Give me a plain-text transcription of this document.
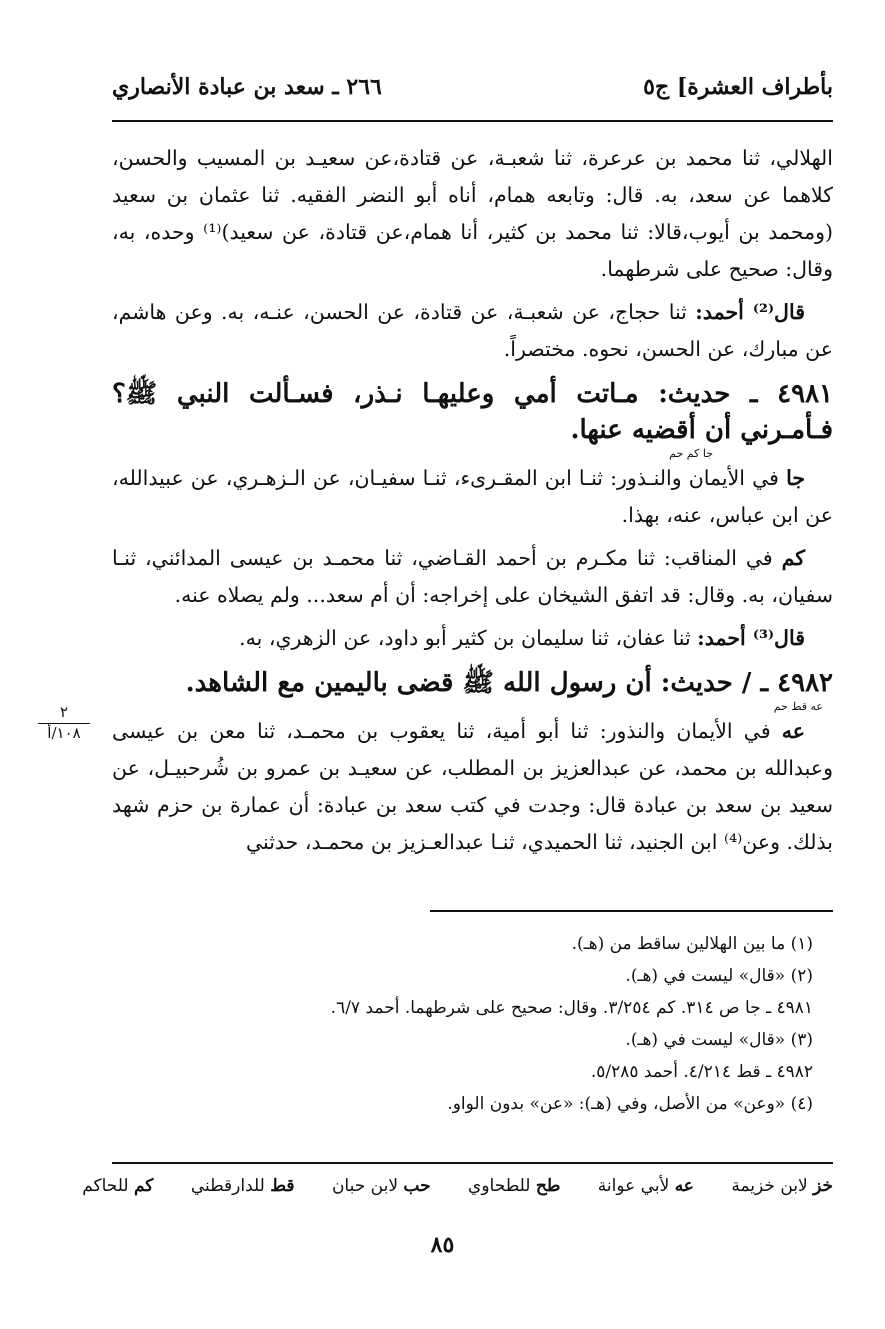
بأطراف العشرة] ج٥
٢٦٦ ـ سعد بن عبادة الأنصاري

الهلالي، ثنا محمد بن عرعرة، ثنا شعبـة، عن قتادة،عن سعيـد بن المسيب والحسن، كلاهما عن سعد، به. قال: وتابعه همام، أناه أبو النضر الفقيه. ثنا عثمان بن سعيد (ومحمد بن أيوب،قالا: ثنا محمد بن كثير، أنا همام،عن قتادة، عن سعيد)⁽¹⁾ وحده، به، وقال: صحيح على شرطهما.

قال⁽²⁾ أحمد: ثنا حجاج، عن شعبـة، عن قتادة، عن الحسن، عنـه، به. وعن هاشم، عن مبارك، عن الحسن، نحوه. مختصراً.

٤٩٨١ ـ حديث: مـاتت أمي وعليهـا نـذر، فسـألت النبي ﷺ؟ فـأمـرني أن أقضيه عنها.
جا كم حم

جا في الأيمان والنـذور: ثنـا ابن المقـرىء، ثنـا سفيـان، عن الـزهـري، عن عبيدالله، عن ابن عباس، عنه، بهذا.

كم في المناقب: ثنا مكـرم بن أحمد القـاضي، ثنا محمـد بن عيسى المدائني، ثنـا سفيان، به. وقال: قد اتفق الشيخان على إخراجه: أن أم سعد... ولم يصلاه عنه.

قال⁽³⁾ أحمد: ثنا عفان، ثنا سليمان بن كثير أبو داود، عن الزهري، به.

٤٩٨٢ ـ / حديث: أن رسول الله ﷺ قضى باليمين مع الشاهد.
عه قط حم

عه في الأيمان والنذور: ثنا أبو أمية، ثنا يعقوب بن محمـد، ثنا معن بن عيسى وعبدالله بن محمد، عن عبدالعزيز بن المطلب، عن سعيـد بن عمرو بن شُرحبيـل، عن سعيد بن سعد بن عبادة قال: وجدت في كتب سعد بن عبادة: أن عمارة بن حزم شهد بذلك. وعن⁽⁴⁾ ابن الجنيد، ثنا الحميدي، ثنـا عبدالعـزيز بن محمـد، حدثني

٢
١٠٨/أ
(١) ما بين الهلالين ساقط من (هـ).
(٢) «قال» ليست في (هـ).
٤٩٨١ ـ جا ص ٣١٤. كم ٣/٢٥٤. وقال: صحيح على شرطهما. أحمد ٦/٧.
(٣) «قال» ليست في (هـ).
٤٩٨٢ ـ قط ٤/٢١٤. أحمد ٥/٢٨٥.
(٤) «وعن» من الأصل، وفي (هـ): «عن» بدون الواو.
خز لابن خزيمة عه لأبي عوانة طح للطحاوي حب لابن حبان قط للدارقطني كم للحاكم
٨٥
